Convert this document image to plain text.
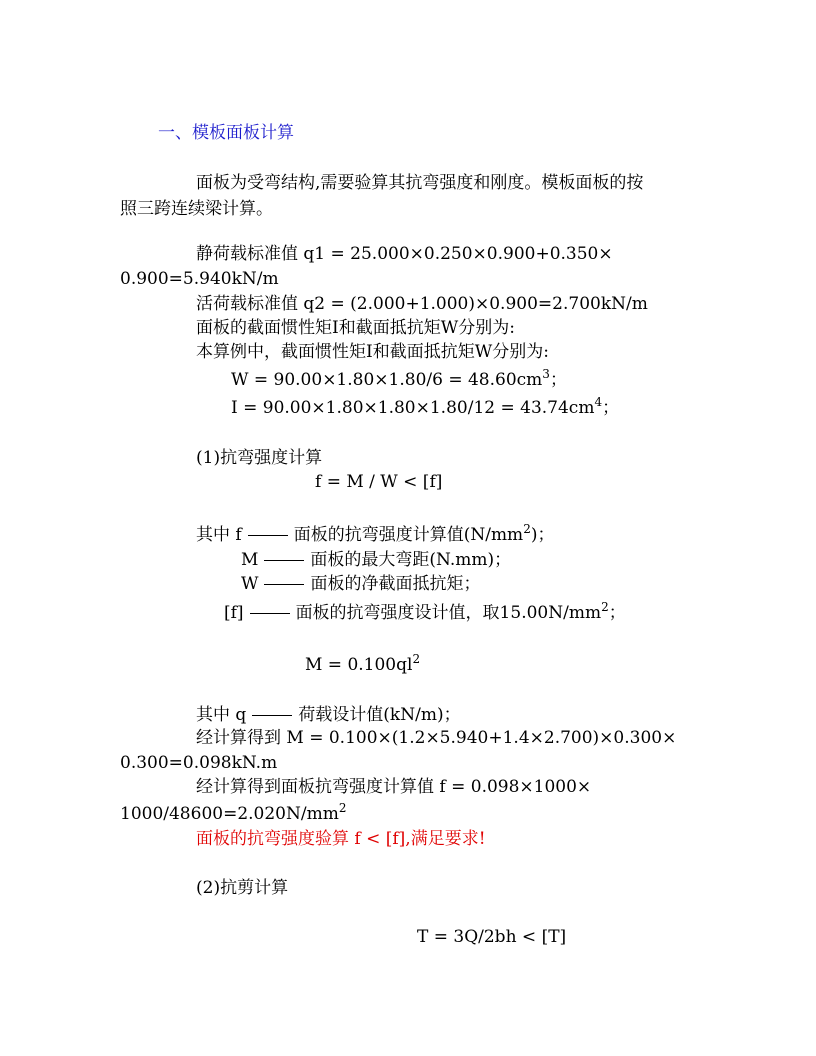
一、模板面板计算
面板为受弯结构,需要验算其抗弯强度和刚度。模板面板的按
照三跨连续梁计算。
静荷载标准值 q1 = 25.000×0.250×0.900+0.350×
0.900=5.940kN/m
活荷载标准值 q2 = (2.000+1.000)×0.900=2.700kN/m
面板的截面惯性矩I和截面抵抗矩W分别为:
本算例中，截面惯性矩I和截面抵抗矩W分别为:
$W = 90.00\times 1.80\times 1.80/6 = 48.60cm^3$；
$I = 90.00\times 1.80\times 1.80\times 1.80/12 = 43.74cm^4$；
(1)抗弯强度计算
f = M / W < [f]
其中 f	面板的抗弯强度计算值$(N/mm^2)$；
M	面板的最大弯距(N.mm)；
W	面板的净截面抵抗矩；
[f]	面板的抗弯强度设计值，取$15.00N/mm^2$；
$M = 0.100ql^2$
其中 q	荷载设计值(kN/m)；
经计算得到 M = 0.100×(1.2×5.940+1.4×2.700)×0.300×
0.300=0.098kN.m
经计算得到面板抗弯强度计算值 f = 0.098×1000×
$1000/48600=2.020N/mm^2$
面板的抗弯强度验算 f < [f],满足要求!
(2)抗剪计算
T = 3Q/2bh < [T]
